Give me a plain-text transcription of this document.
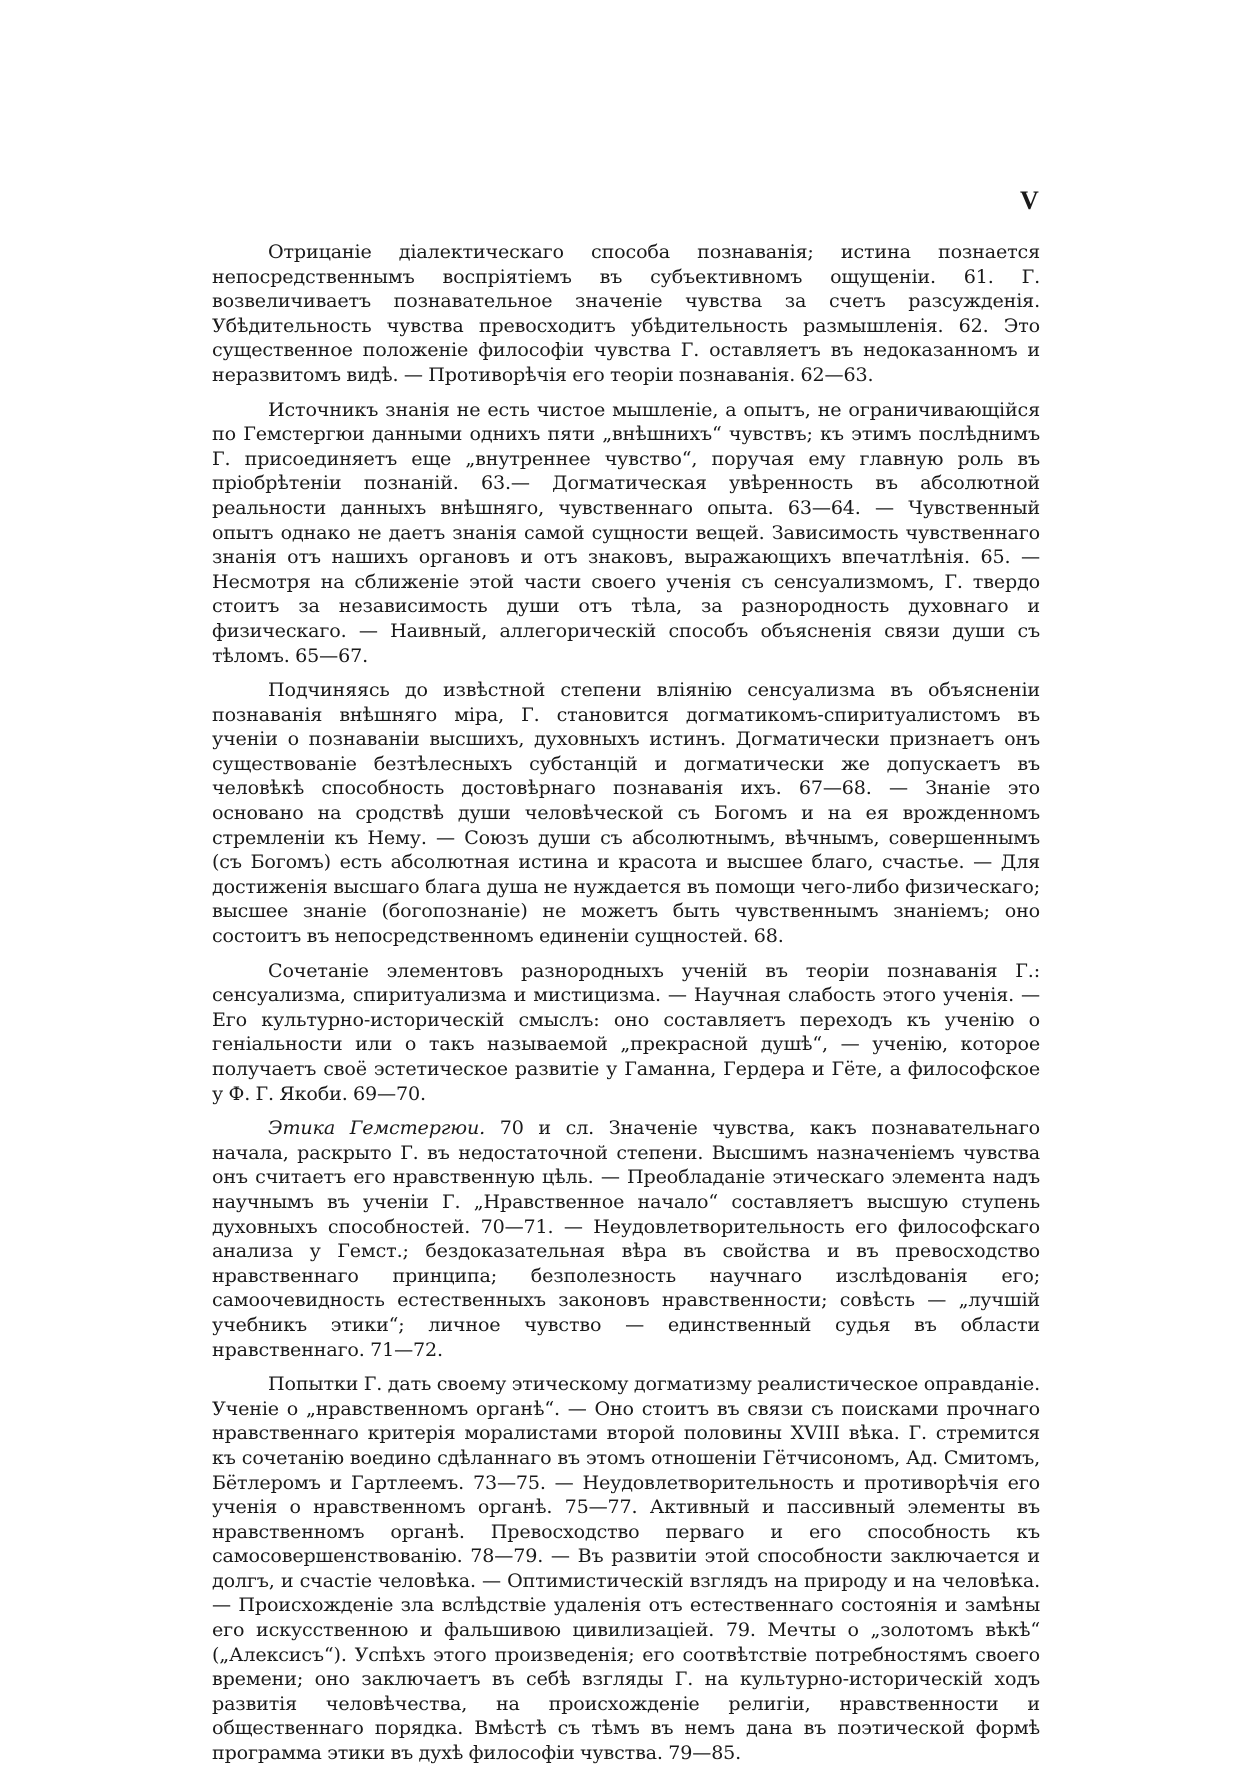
V

Отрицаніе діалектическаго способа познаванія; истина познается непосредственнымъ воспріятіемъ въ субъективномъ ощущеніи. 61. Г. возвеличиваетъ познавательное значеніе чувства за счетъ разсужденія. Убѣдительность чувства превосходитъ убѣдительность размышленія. 62. Это существенное положеніе философіи чувства Г. оставляетъ въ недоказанномъ и неразвитомъ видѣ. — Противорѣчія его теоріи познаванія. 62—63.

Источникъ знанія не есть чистое мышленіе, а опытъ, не ограничивающійся по Гемстергюи данными однихъ пяти „внѣшнихъ“ чувствъ; къ этимъ послѣднимъ Г. присоединяетъ еще „внутреннее чувство“, поручая ему главную роль въ пріобрѣтеніи познаній. 63.— Догматическая увѣренность въ абсолютной реальности данныхъ внѣшняго, чувственнаго опыта. 63—64. — Чувственный опытъ однако не даетъ знанія самой сущности вещей. Зависимость чувственнаго знанія отъ нашихъ органовъ и отъ знаковъ, выражающихъ впечатлѣнія. 65. — Несмотря на сближеніе этой части своего ученія съ сенсуализмомъ, Г. твердо стоитъ за независимость души отъ тѣла, за разнородность духовнаго и физическаго. — Наивный, аллегорическій способъ объясненія связи души съ тѣломъ. 65—67.

Подчиняясь до извѣстной степени вліянію сенсуализма въ объясненіи познаванія внѣшняго міра, Г. становится догматикомъ-спиритуалистомъ въ ученіи о познаваніи высшихъ, духовныхъ истинъ. Догматически признаетъ онъ существованіе безтѣлесныхъ субстанцій и догматически же допускаетъ въ человѣкѣ способность достовѣрнаго познаванія ихъ. 67—68. — Знаніе это основано на сродствѣ души человѣческой съ Богомъ и на ея врожденномъ стремленіи къ Нему. — Союзъ души съ абсолютнымъ, вѣчнымъ, совершеннымъ (съ Богомъ) есть абсолютная истина и красота и высшее благо, счастье. — Для достиженія высшаго блага душа не нуждается въ помощи чего-либо физическаго; высшее знаніе (богопознаніе) не можетъ быть чувственнымъ знаніемъ; оно состоитъ въ непосредственномъ единеніи сущностей. 68.

Сочетаніе элементовъ разнородныхъ ученій въ теоріи познаванія Г.: сенсуализма, спиритуализма и мистицизма. — Научная слабость этого ученія. — Его культурно-историческій смыслъ: оно составляетъ переходъ къ ученію о геніальности или о такъ называемой „прекрасной душѣ“, — ученію, которое получаетъ своё эстетическое развитіе у Гаманна, Гердера и Гёте, а философское у Ф. Г. Якоби. 69—70.

Этика Гемстергюи. 70 и сл. Значеніе чувства, какъ познавательнаго начала, раскрыто Г. въ недостаточной степени. Высшимъ назначеніемъ чувства онъ считаетъ его нравственную цѣль. — Преобладаніе этическаго элемента надъ научнымъ въ ученіи Г. „Нравственное начало“ составляетъ высшую ступень духовныхъ способностей. 70—71. — Неудовлетворительность его философскаго анализа у Гемст.; бездоказательная вѣра въ свойства и въ превосходство нравственнаго принципа; безполезность научнаго изслѣдованія его; самоочевидность естественныхъ законовъ нравственности; совѣсть — „лучшій учебникъ этики“; личное чувство — единственный судья въ области нравственнаго. 71—72.

Попытки Г. дать своему этическому догматизму реалистическое оправданіе. Ученіе о „нравственномъ органѣ“. — Оно стоитъ въ связи съ поисками прочнаго нравственнаго критерія моралистами второй половины XVIII вѣка. Г. стремится къ сочетанію воедино сдѣланнаго въ этомъ отношеніи Гётчисономъ, Ад. Смитомъ, Бётлеромъ и Гартлеемъ. 73—75. — Неудовлетворительность и противорѣчія его ученія о нравственномъ органѣ. 75—77. Активный и пассивный элементы въ нравственномъ органѣ. Превосходство перваго и его способность къ самосовершенствованію. 78—79. — Въ развитіи этой способности заключается и долгъ, и счастіе человѣка. — Оптимистическій взглядъ на природу и на человѣка. — Происхожденіе зла вслѣдствіе удаленія отъ естественнаго состоянія и замѣны его искусственною и фальшивою цивилизаціей. 79. Мечты о „золотомъ вѣкѣ“ („Алексисъ“). Успѣхъ этого произведенія; его соотвѣтствіе потребностямъ своего времени; оно заключаетъ въ себѣ взгляды Г. на культурно-историческій ходъ развитія человѣчества, на происхожденіе религіи, нравственности и общественнаго порядка. Вмѣстѣ съ тѣмъ въ немъ дана въ поэтической формѣ программа этики въ духѣ философіи чувства. 79—85.
